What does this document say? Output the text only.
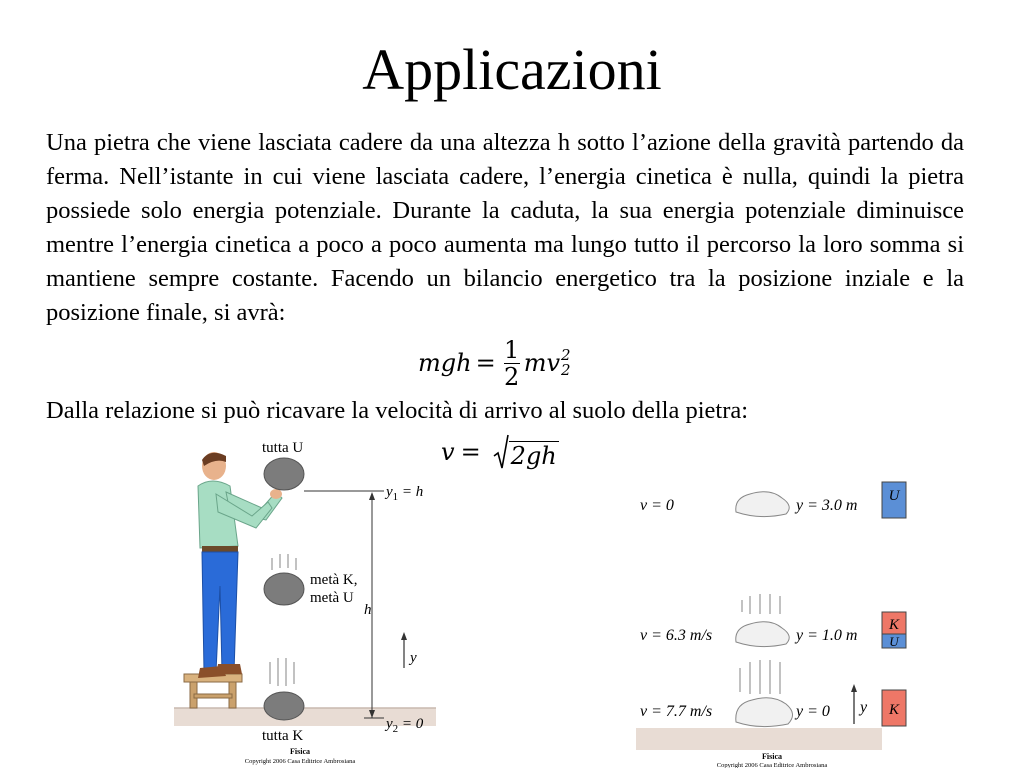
Applicazioni
Una pietra che viene lasciata cadere da una altezza h sotto l’azione della gravità partendo da ferma. Nell’istante in cui viene lasciata cadere, l’energia cinetica è nulla, quindi la pietra possiede solo energia potenziale. Durante la caduta, la sua energia potenziale diminuisce mentre l’energia cinetica a poco a poco aumenta ma lungo tutto il percorso la loro somma si mantiene sempre costante. Facendo un bilancio energetico tra la posizione inziale e la posizione finale, si avrà:
mgh = $\frac{1}{2}$ mv 2
2
Dalla relazione si può ricavare la velocità di arrivo al suolo della pietra:
v = 2gh
tutta U
metà K,
metà U
tutta K
$y_1 = h$
h
y
$y_2 = 0$
Fisica
Copyright 2006 Casa Editrice Ambrosiana
v = 0	y = 3.0 m
U
v = 6.3 m/s	y = 1.0 m
K
U
v = 7.7 m/s	y = 0 y K
Fisica
Copyright 2006 Casa Editrice Ambrosiana
